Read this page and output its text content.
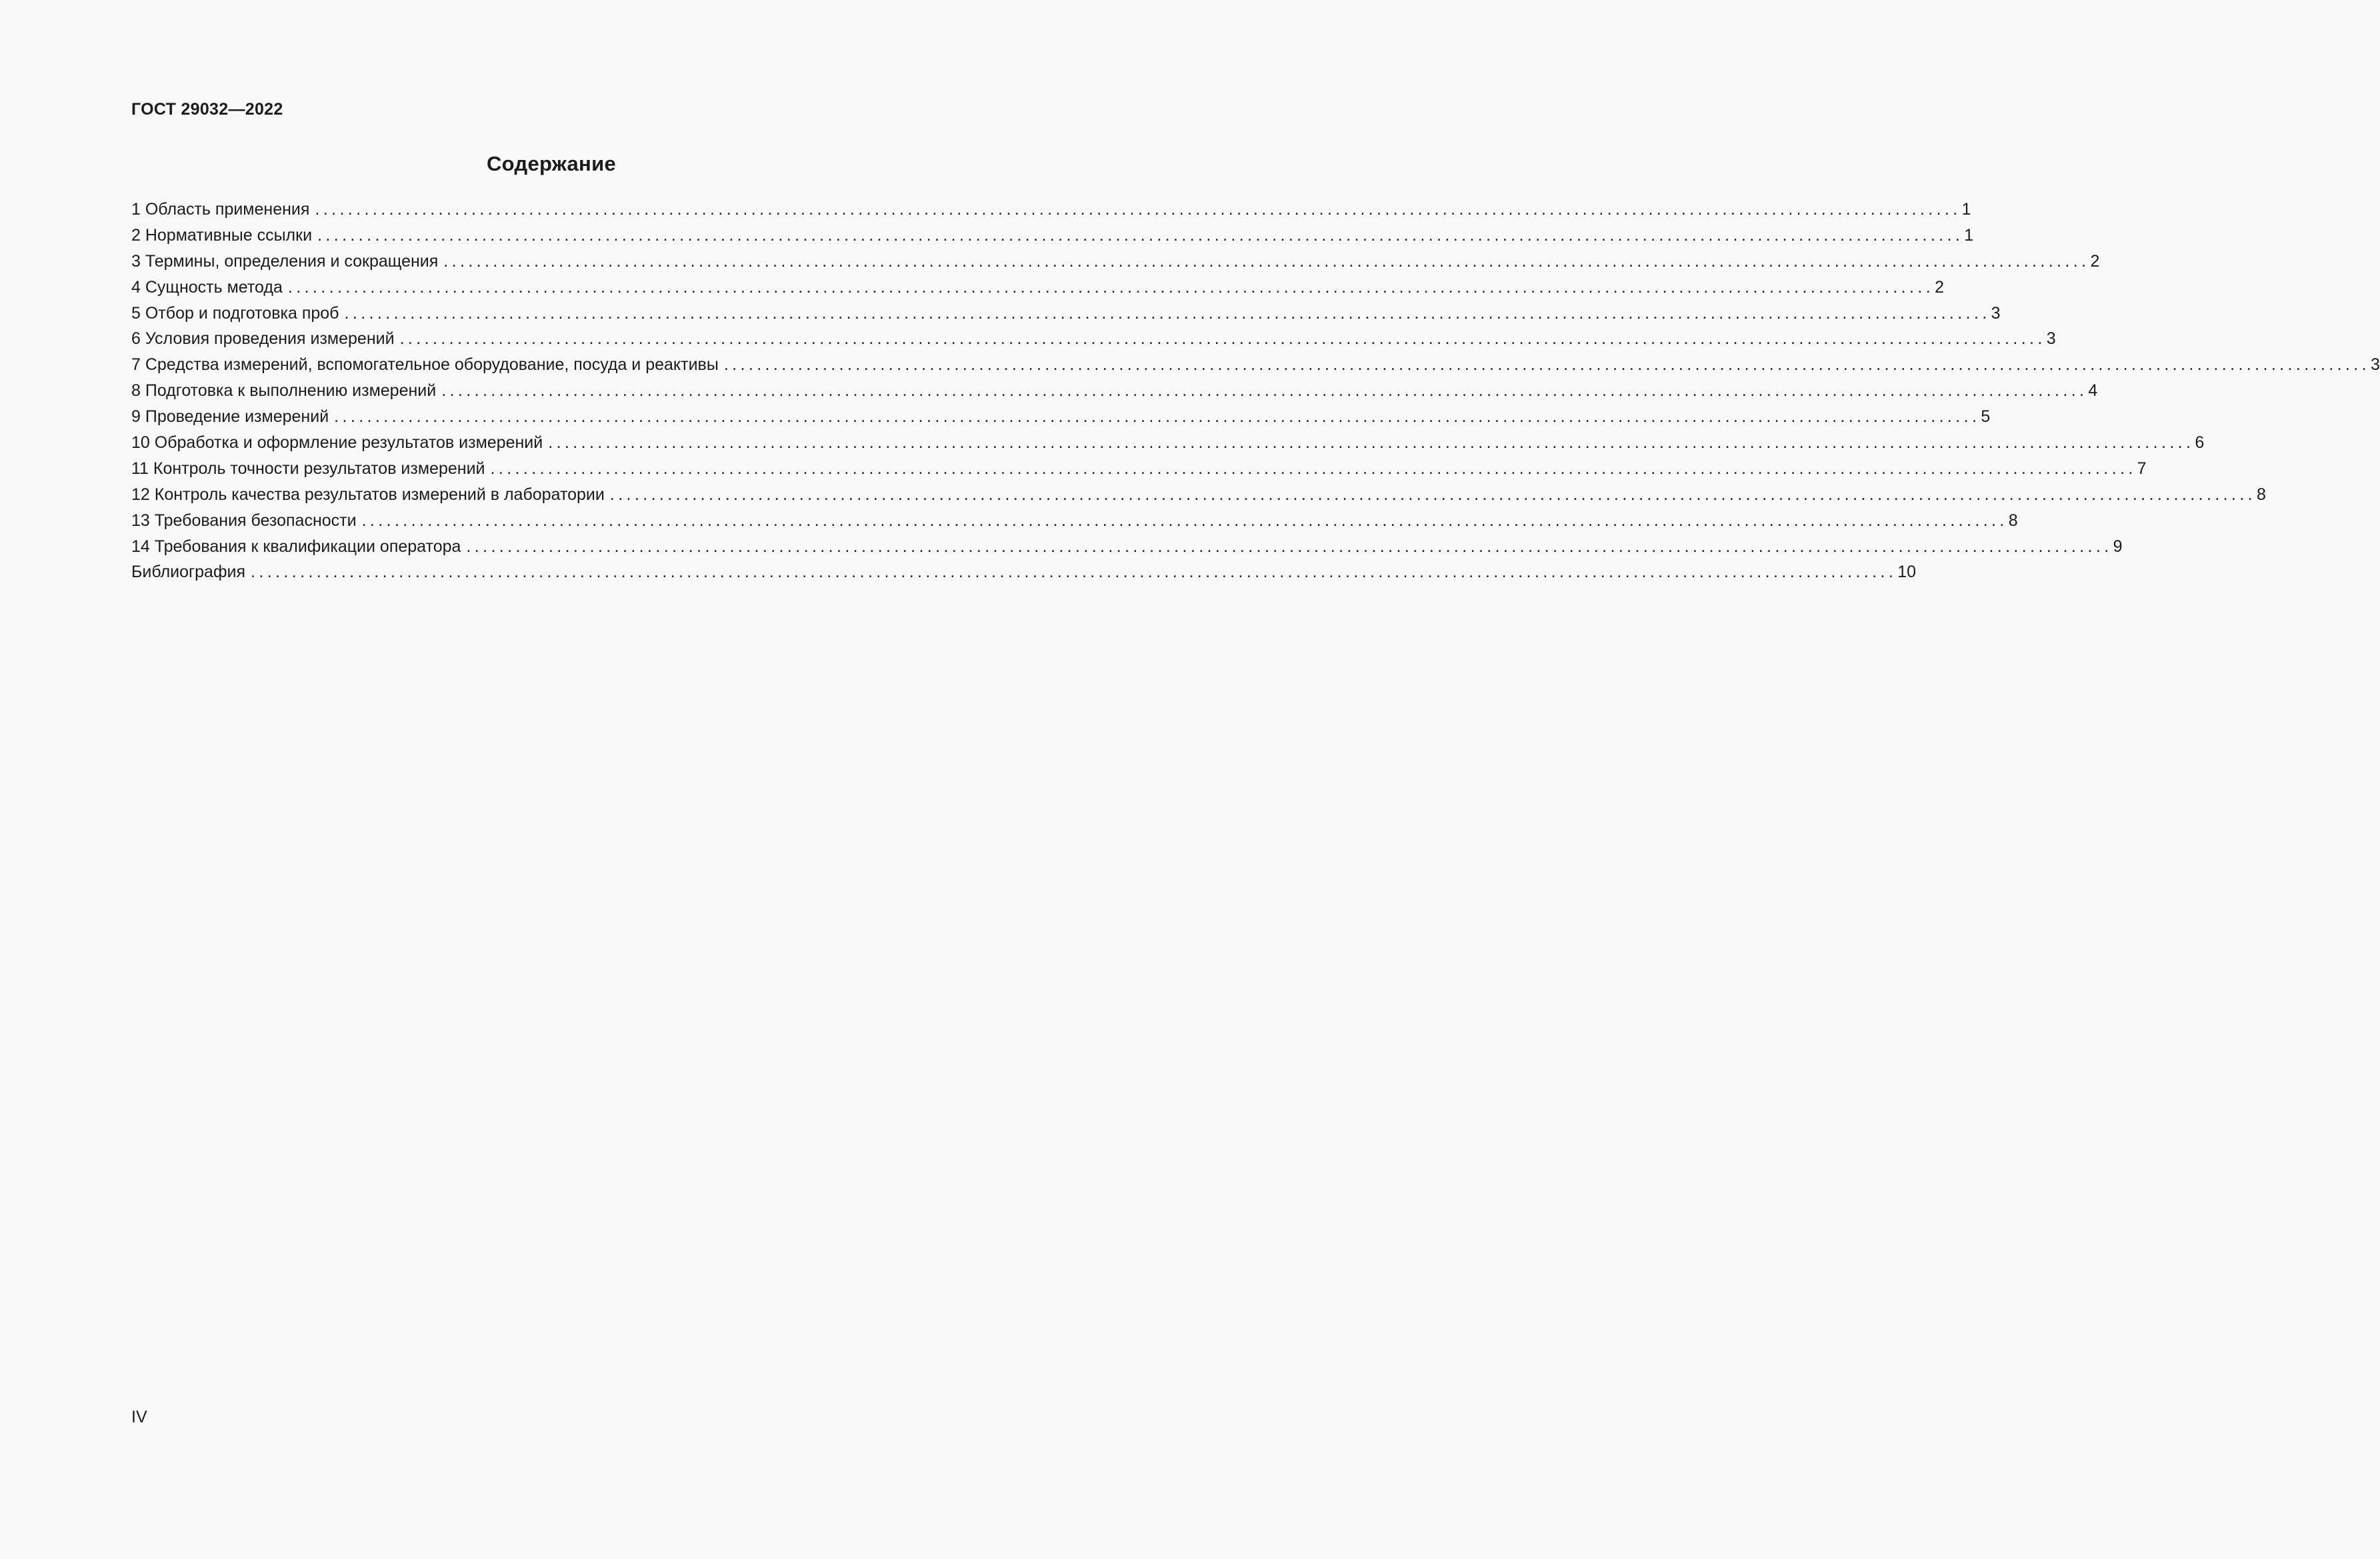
ГОСТ 29032—2022
Содержание
1 Область применения ........................................................................................................................................................................................................ 1
2 Нормативные ссылки ........................................................................................................................................................................................................ 1
3 Термины, определения и сокращения ........................................................................................................................................................................................................ 2
4 Сущность метода ........................................................................................................................................................................................................ 2
5 Отбор и подготовка проб ........................................................................................................................................................................................................ 3
6 Условия проведения измерений ........................................................................................................................................................................................................ 3
7 Средства измерений, вспомогательное оборудование, посуда и реактивы ........................................................................................................................................................................................................ 3
8 Подготовка к выполнению измерений ........................................................................................................................................................................................................ 4
9 Проведение измерений ........................................................................................................................................................................................................ 5
10 Обработка и оформление результатов измерений ........................................................................................................................................................................................................ 6
11 Контроль точности результатов измерений ........................................................................................................................................................................................................ 7
12 Контроль качества результатов измерений в лаборатории ........................................................................................................................................................................................................ 8
13 Требования безопасности ........................................................................................................................................................................................................ 8
14 Требования к квалификации оператора ........................................................................................................................................................................................................ 9
Библиография ........................................................................................................................................................................................................ 10
IV
